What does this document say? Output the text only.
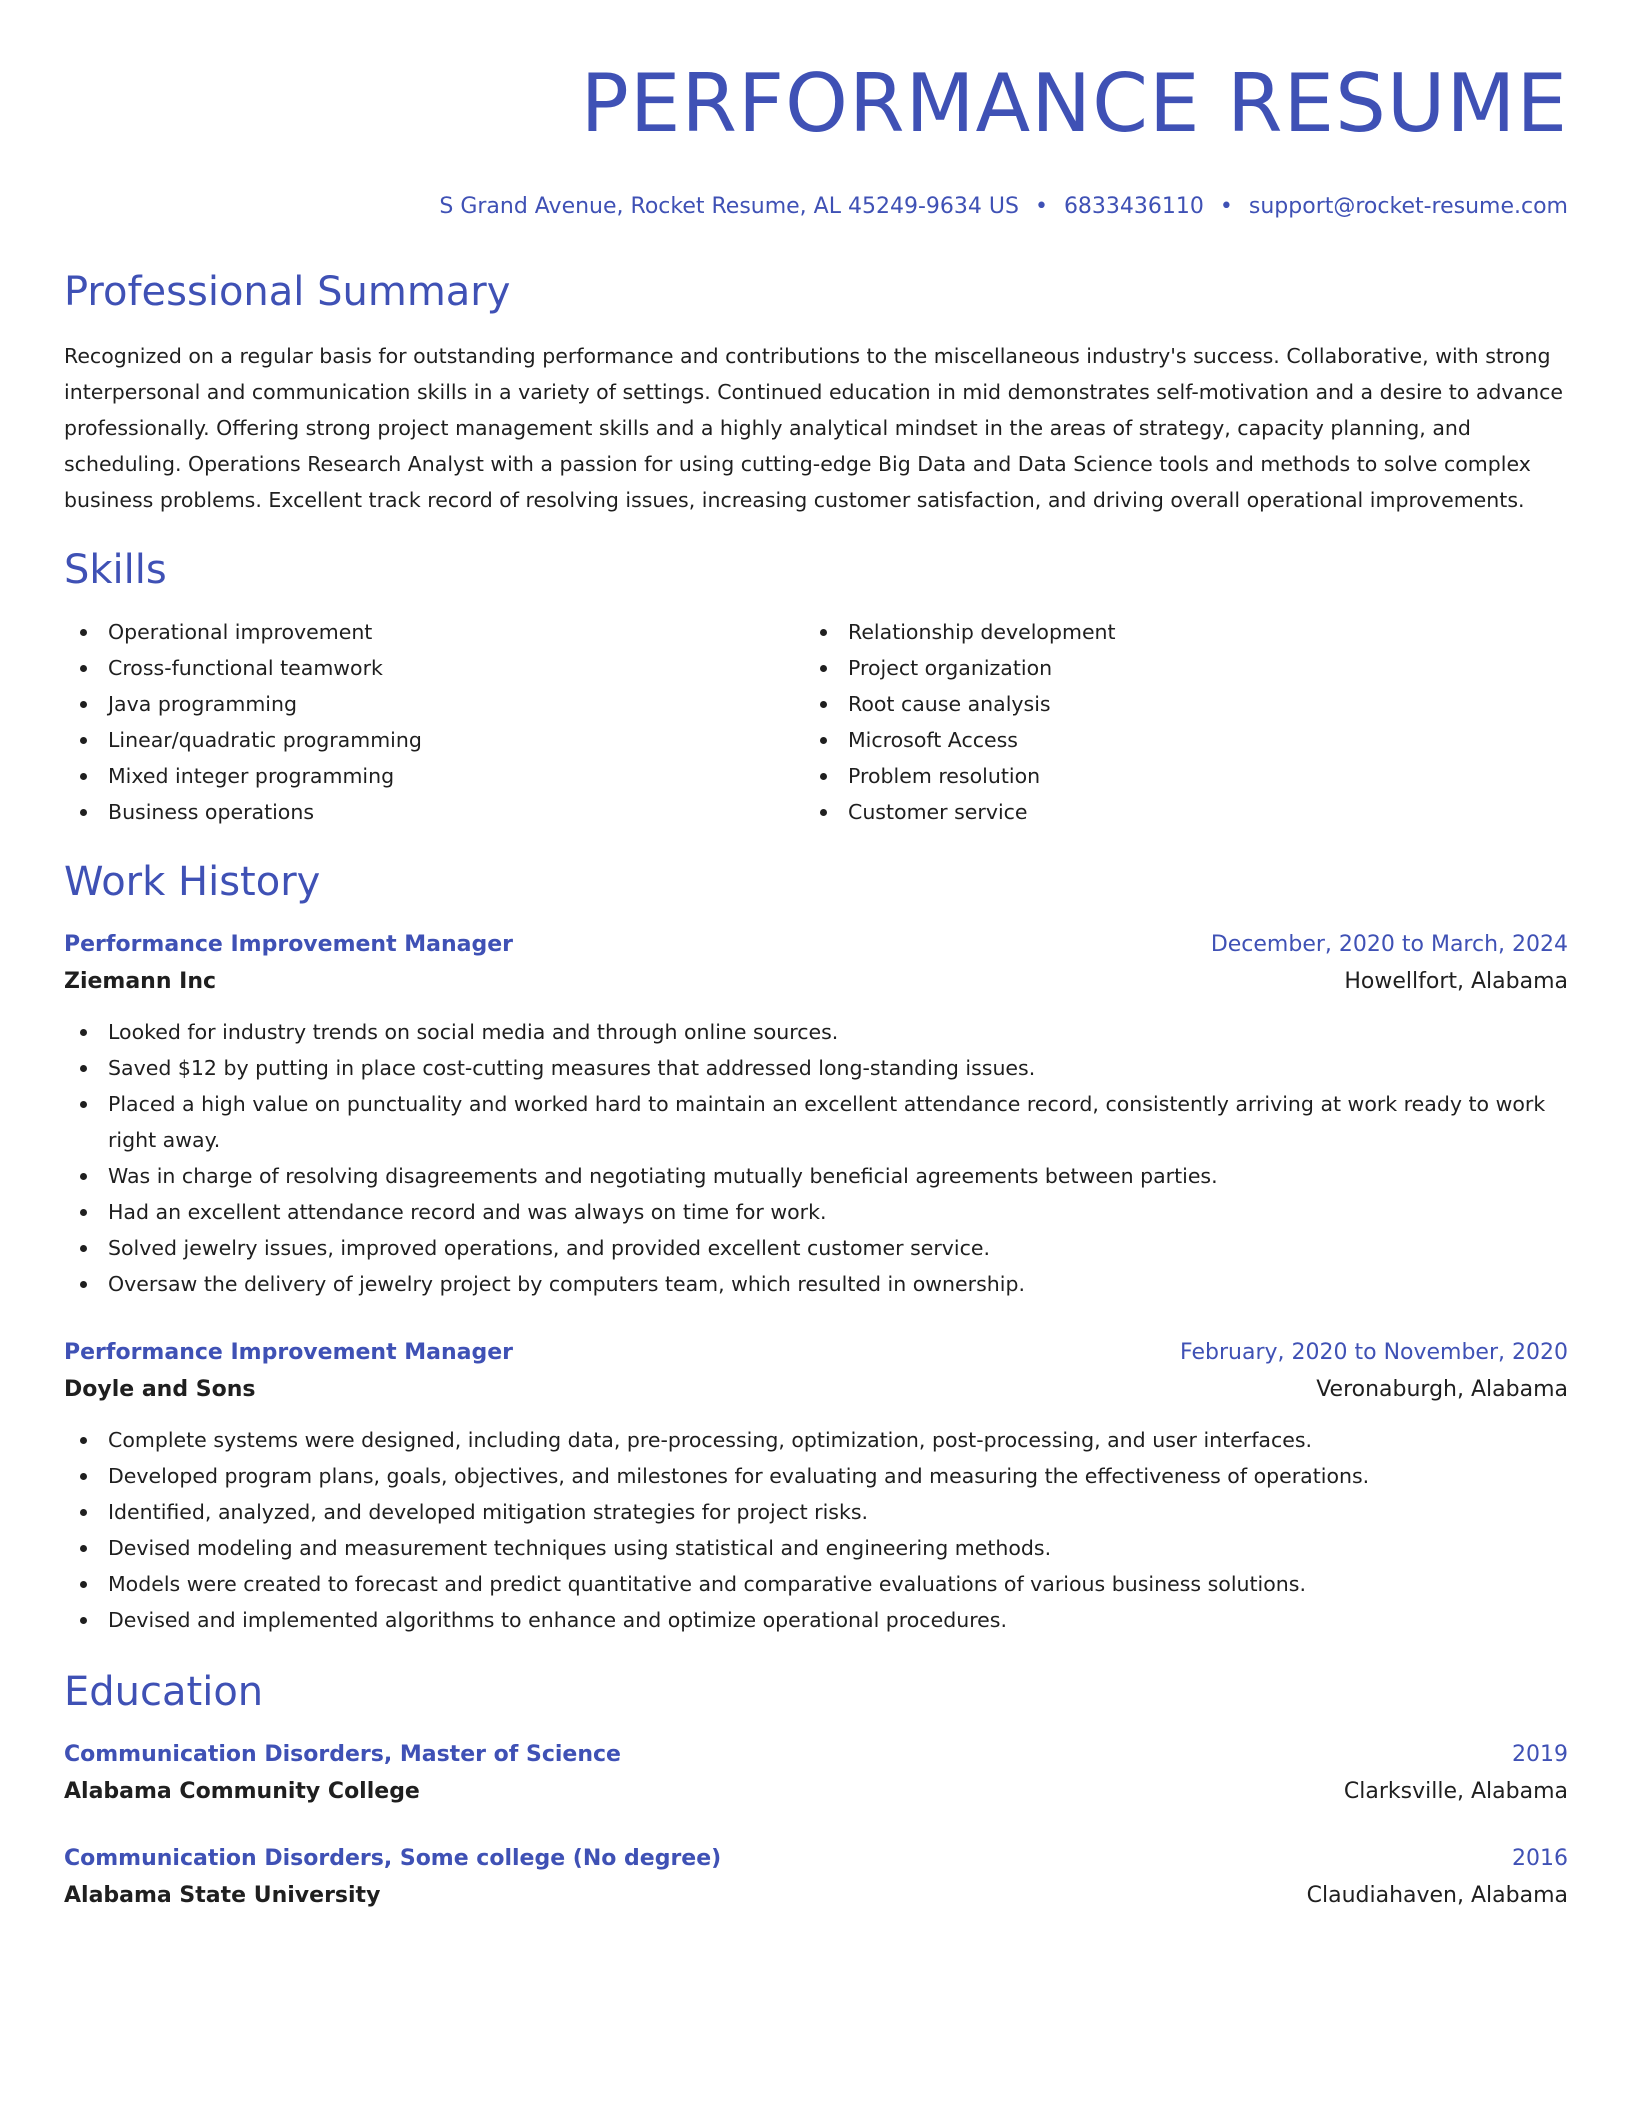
PERFORMANCE RESUME
S Grand Avenue, Rocket Resume, AL 45249-9634 US • 6833436110 • support@rocket-resume.com
Professional Summary
Recognized on a regular basis for outstanding performance and contributions to the miscellaneous industry's success. Collaborative, with strong interpersonal and communication skills in a variety of settings. Continued education in mid demonstrates self-motivation and a desire to advance professionally. Offering strong project management skills and a highly analytical mindset in the areas of strategy, capacity planning, and scheduling. Operations Research Analyst with a passion for using cutting-edge Big Data and Data Science tools and methods to solve complex business problems. Excellent track record of resolving issues, increasing customer satisfaction, and driving overall operational improvements.
Skills
Operational improvement
Cross-functional teamwork
Java programming
Linear/quadratic programming
Mixed integer programming
Business operations
Relationship development
Project organization
Root cause analysis
Microsoft Access
Problem resolution
Customer service
Work History
Performance Improvement Manager	December, 2020 to March, 2024
Ziemann Inc	Howellfort, Alabama
Looked for industry trends on social media and through online sources.
Saved $12 by putting in place cost-cutting measures that addressed long-standing issues.
Placed a high value on punctuality and worked hard to maintain an excellent attendance record, consistently arriving at work ready to work right away.
Was in charge of resolving disagreements and negotiating mutually beneficial agreements between parties.
Had an excellent attendance record and was always on time for work.
Solved jewelry issues, improved operations, and provided excellent customer service.
Oversaw the delivery of jewelry project by computers team, which resulted in ownership.
Performance Improvement Manager	February, 2020 to November, 2020
Doyle and Sons	Veronaburgh, Alabama
Complete systems were designed, including data, pre-processing, optimization, post-processing, and user interfaces.
Developed program plans, goals, objectives, and milestones for evaluating and measuring the effectiveness of operations.
Identified, analyzed, and developed mitigation strategies for project risks.
Devised modeling and measurement techniques using statistical and engineering methods.
Models were created to forecast and predict quantitative and comparative evaluations of various business solutions.
Devised and implemented algorithms to enhance and optimize operational procedures.
Education
Communication Disorders, Master of Science	2019
Alabama Community College	Clarksville, Alabama
Communication Disorders, Some college (No degree)	2016
Alabama State University	Claudiahaven, Alabama
